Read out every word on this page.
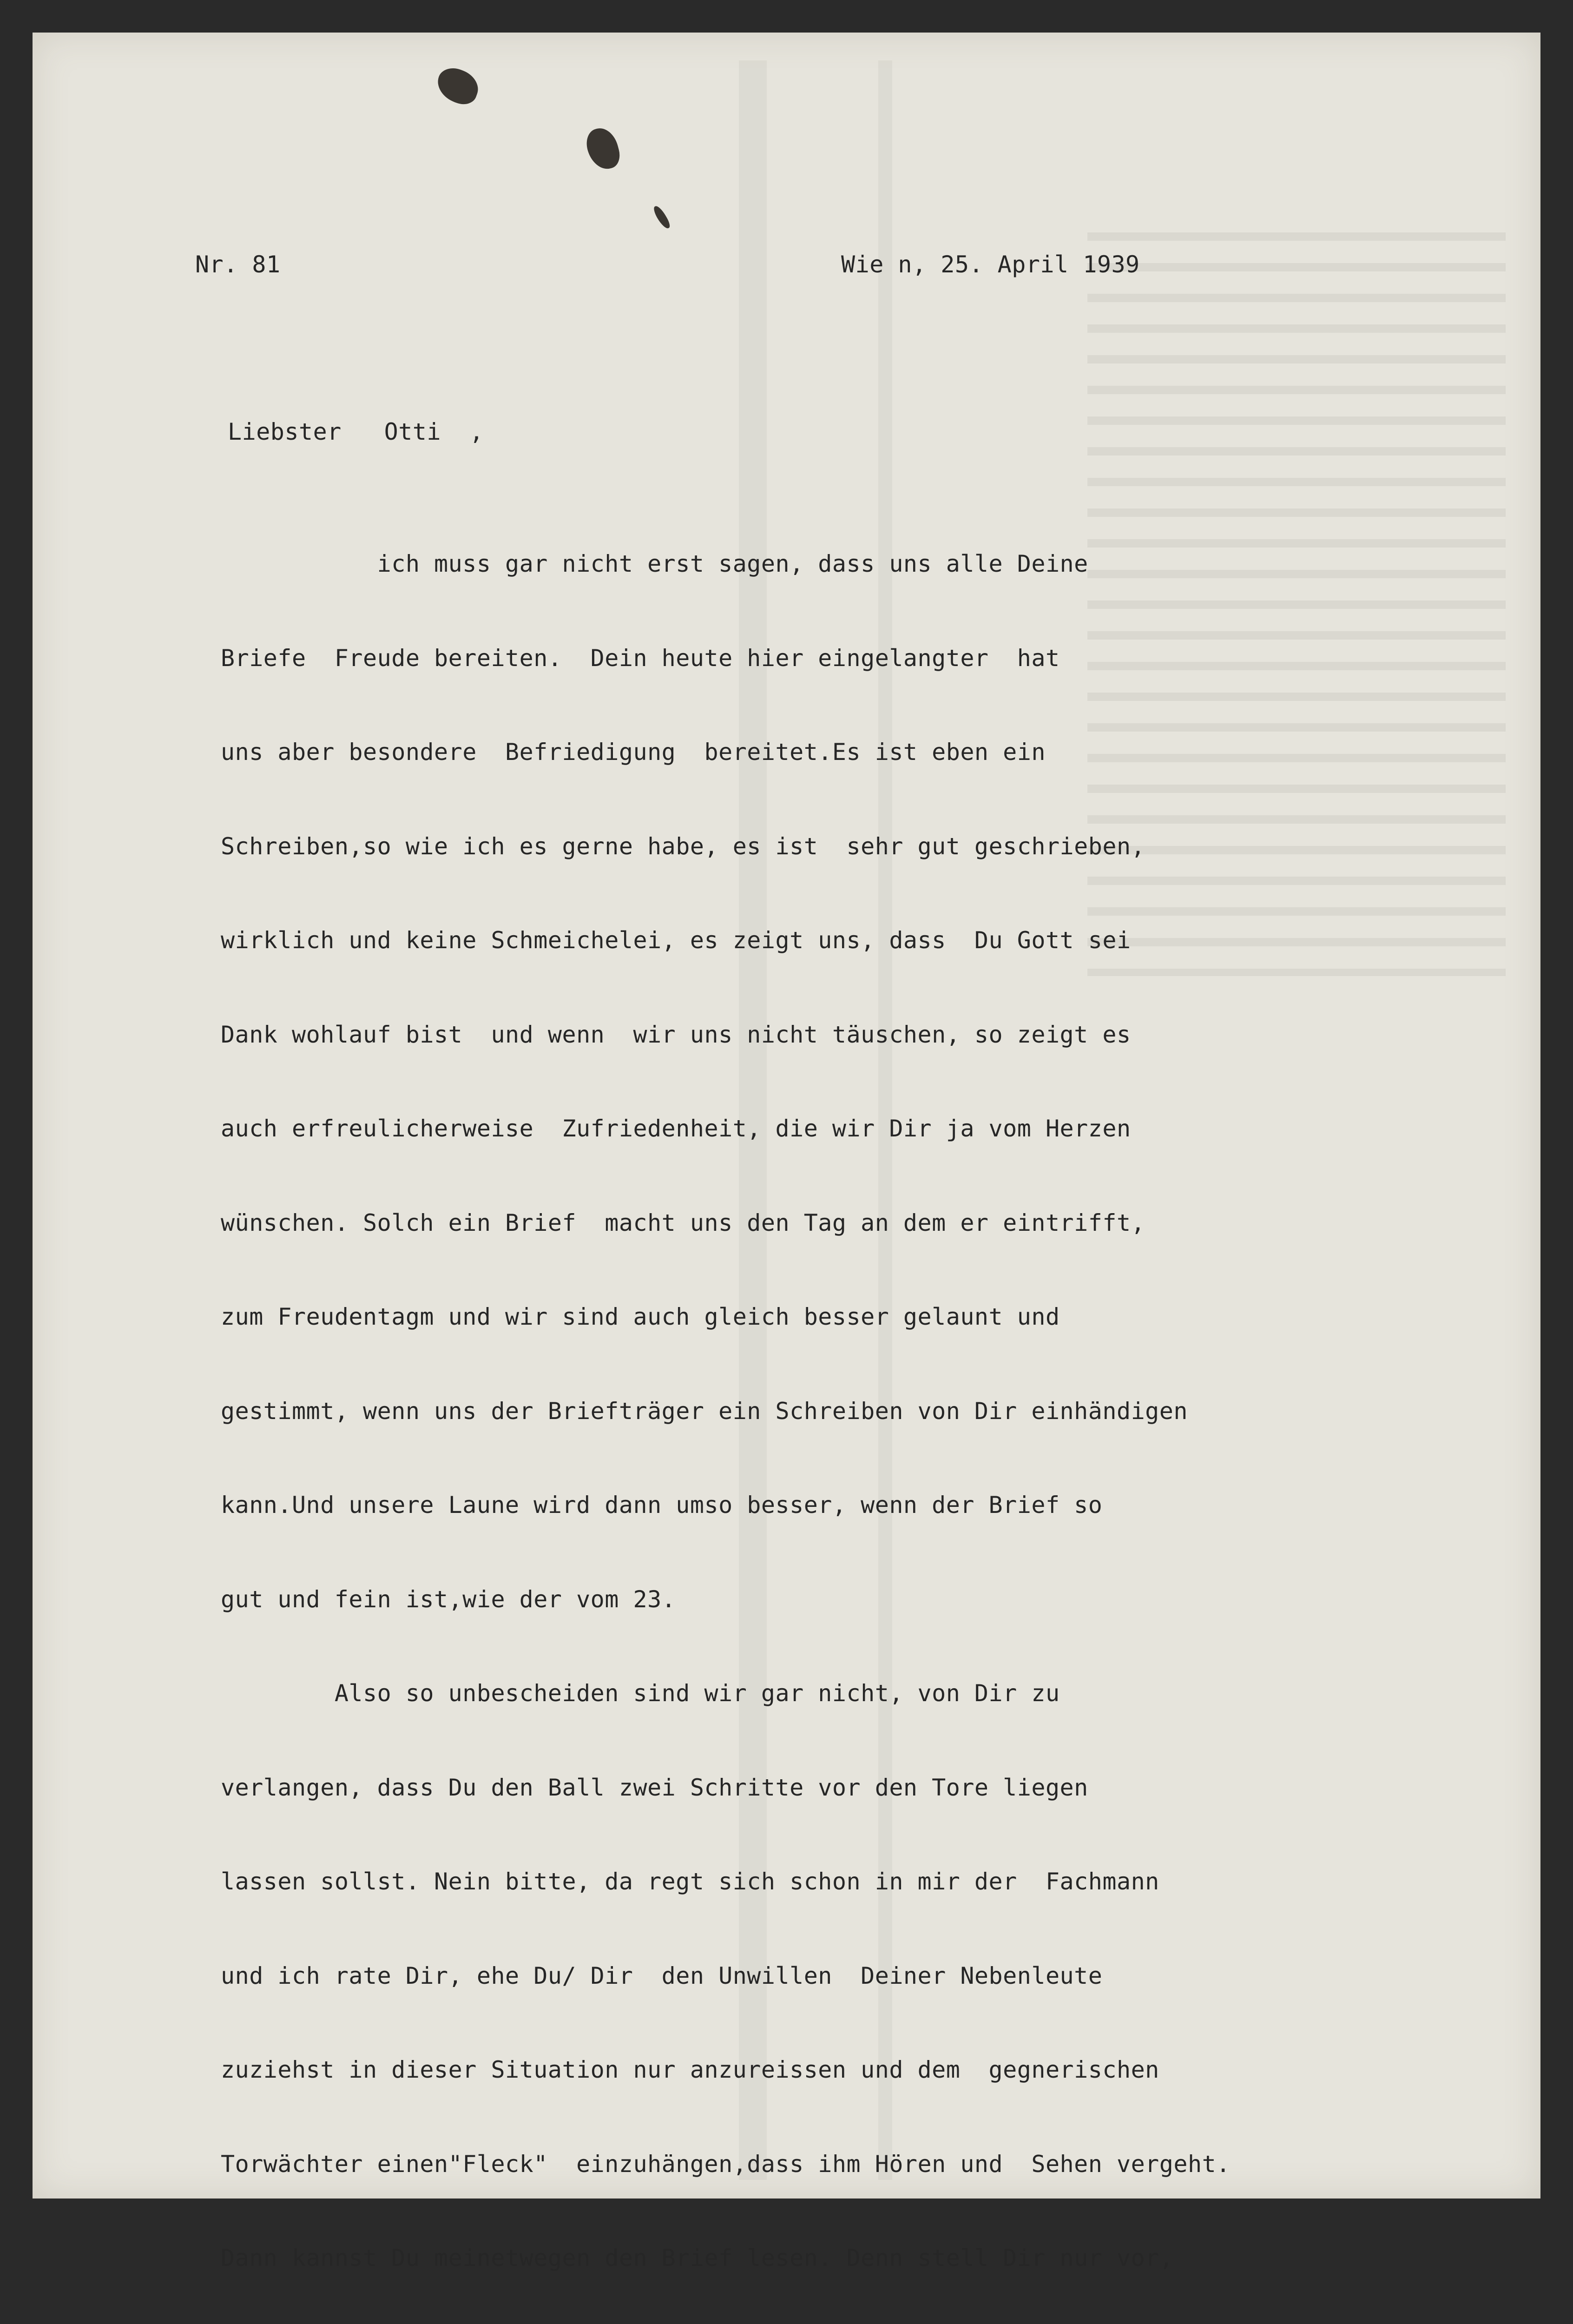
Nr. 81	Wie n, 25. April 1939
Liebster   Otti  ,

ich muss gar nicht erst sagen, dass uns alle Deine

Briefe  Freude bereiten.  Dein heute hier eingelangter  hat

uns aber besondere  Befriedigung  bereitet.Es ist eben ein

Schreiben,so wie ich es gerne habe, es ist  sehr gut geschrieben,

wirklich und keine Schmeichelei, es zeigt uns, dass  Du Gott sei

Dank wohlauf bist  und wenn  wir uns nicht täuschen, so zeigt es

auch erfreulicherweise  Zufriedenheit, die wir Dir ja vom Herzen

wünschen. Solch ein Brief  macht uns den Tag an dem er eintrifft,

zum Freudentagm und wir sind auch gleich besser gelaunt und

gestimmt, wenn uns der Briefträger ein Schreiben von Dir einhändigen

kann.Und unsere Laune wird dann umso besser, wenn der Brief so

gut und fein ist,wie der vom 23.

Also so unbescheiden sind wir gar nicht, von Dir zu

verlangen, dass Du den Ball zwei Schritte vor den Tore liegen

lassen sollst. Nein bitte, da regt sich schon in mir der  Fachmann

und ich rate Dir, ehe Du/ Dir  den Unwillen  Deiner Nebenleute

zuziehst in dieser Situation nur anzureissen und dem  gegnerischen

Torwächter einen"Fleck"  einzuhängen,dass ihm Hören und  Sehen vergeht.

Dann kannst Du meinetwegen den Brief lesen. Denn stell Dir nur vor,
